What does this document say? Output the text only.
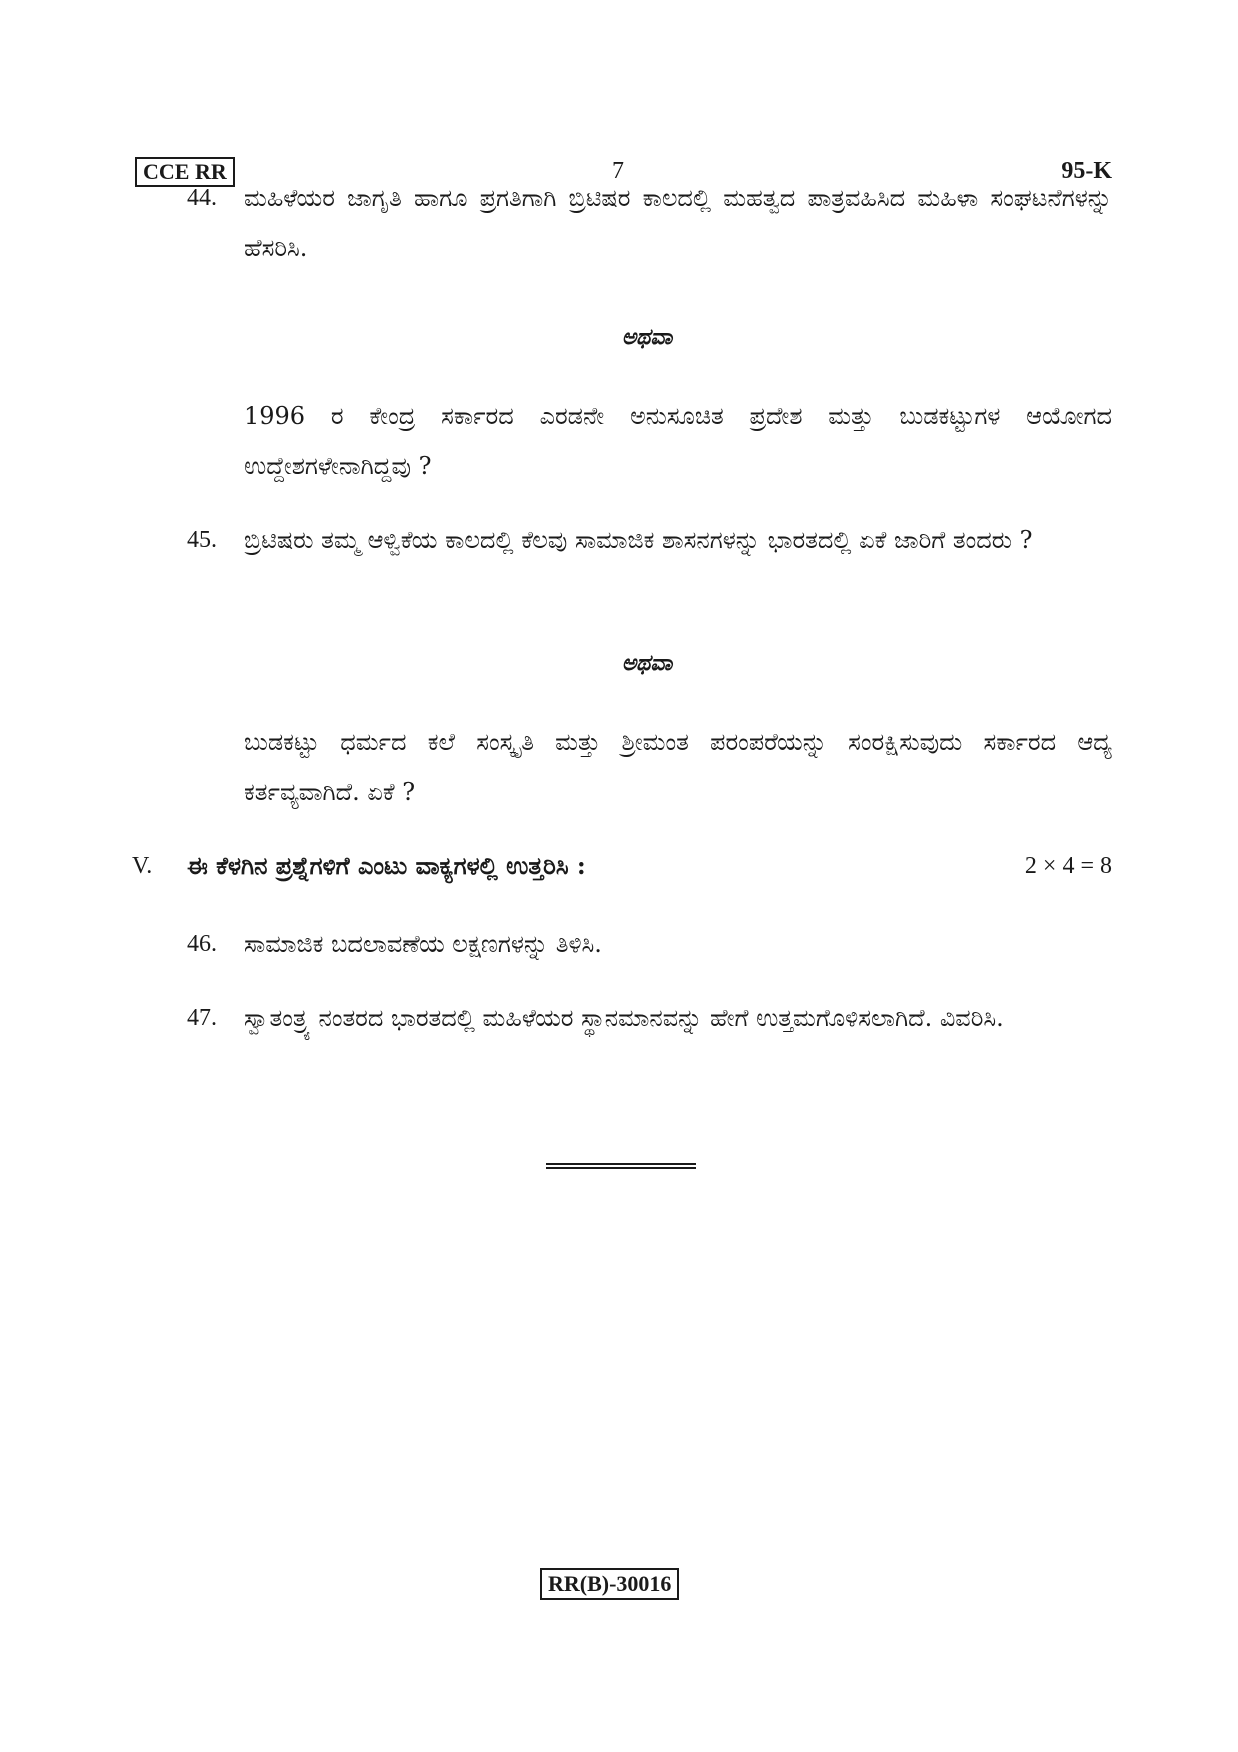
CCE RR	7	95-K
44.	ಮಹಿಳೆಯರ ಜಾಗೃತಿ ಹಾಗೂ ಪ್ರಗತಿಗಾಗಿ ಬ್ರಿಟಿಷರ ಕಾಲದಲ್ಲಿ ಮಹತ್ವದ ಪಾತ್ರವಹಿಸಿದ ಮಹಿಳಾ ಸಂಘಟನೆಗಳನ್ನು ಹೆಸರಿಸಿ.
ಅಥವಾ
1996 ರ ಕೇಂದ್ರ ಸರ್ಕಾರದ ಎರಡನೇ ಅನುಸೂಚಿತ ಪ್ರದೇಶ ಮತ್ತು ಬುಡಕಟ್ಟುಗಳ ಆಯೋಗದ ಉದ್ದೇಶಗಳೇನಾಗಿದ್ದವು ?
45.	ಬ್ರಿಟಿಷರು ತಮ್ಮ ಆಳ್ವಿಕೆಯ ಕಾಲದಲ್ಲಿ ಕೆಲವು ಸಾಮಾಜಿಕ ಶಾಸನಗಳನ್ನು ಭಾರತದಲ್ಲಿ ಏಕೆ ಜಾರಿಗೆ ತಂದರು ?
ಅಥವಾ
ಬುಡಕಟ್ಟು ಧರ್ಮದ ಕಲೆ ಸಂಸ್ಕೃತಿ ಮತ್ತು ಶ್ರೀಮಂತ ಪರಂಪರೆಯನ್ನು ಸಂರಕ್ಷಿಸುವುದು ಸರ್ಕಾರದ ಆದ್ಯ ಕರ್ತವ್ಯವಾಗಿದೆ. ಏಕೆ ?
V. ಈ ಕೆಳಗಿನ ಪ್ರಶ್ನೆಗಳಿಗೆ ಎಂಟು ವಾಕ್ಯಗಳಲ್ಲಿ ಉತ್ತರಿಸಿ :	2 × 4 = 8
46.	ಸಾಮಾಜಿಕ ಬದಲಾವಣೆಯ ಲಕ್ಷಣಗಳನ್ನು ತಿಳಿಸಿ.
47.	ಸ್ವಾತಂತ್ರ್ಯ ನಂತರದ ಭಾರತದಲ್ಲಿ ಮಹಿಳೆಯರ ಸ್ಥಾನಮಾನವನ್ನು ಹೇಗೆ ಉತ್ತಮಗೊಳಿಸಲಾಗಿದೆ. ವಿವರಿಸಿ.
RR(B)-30016
